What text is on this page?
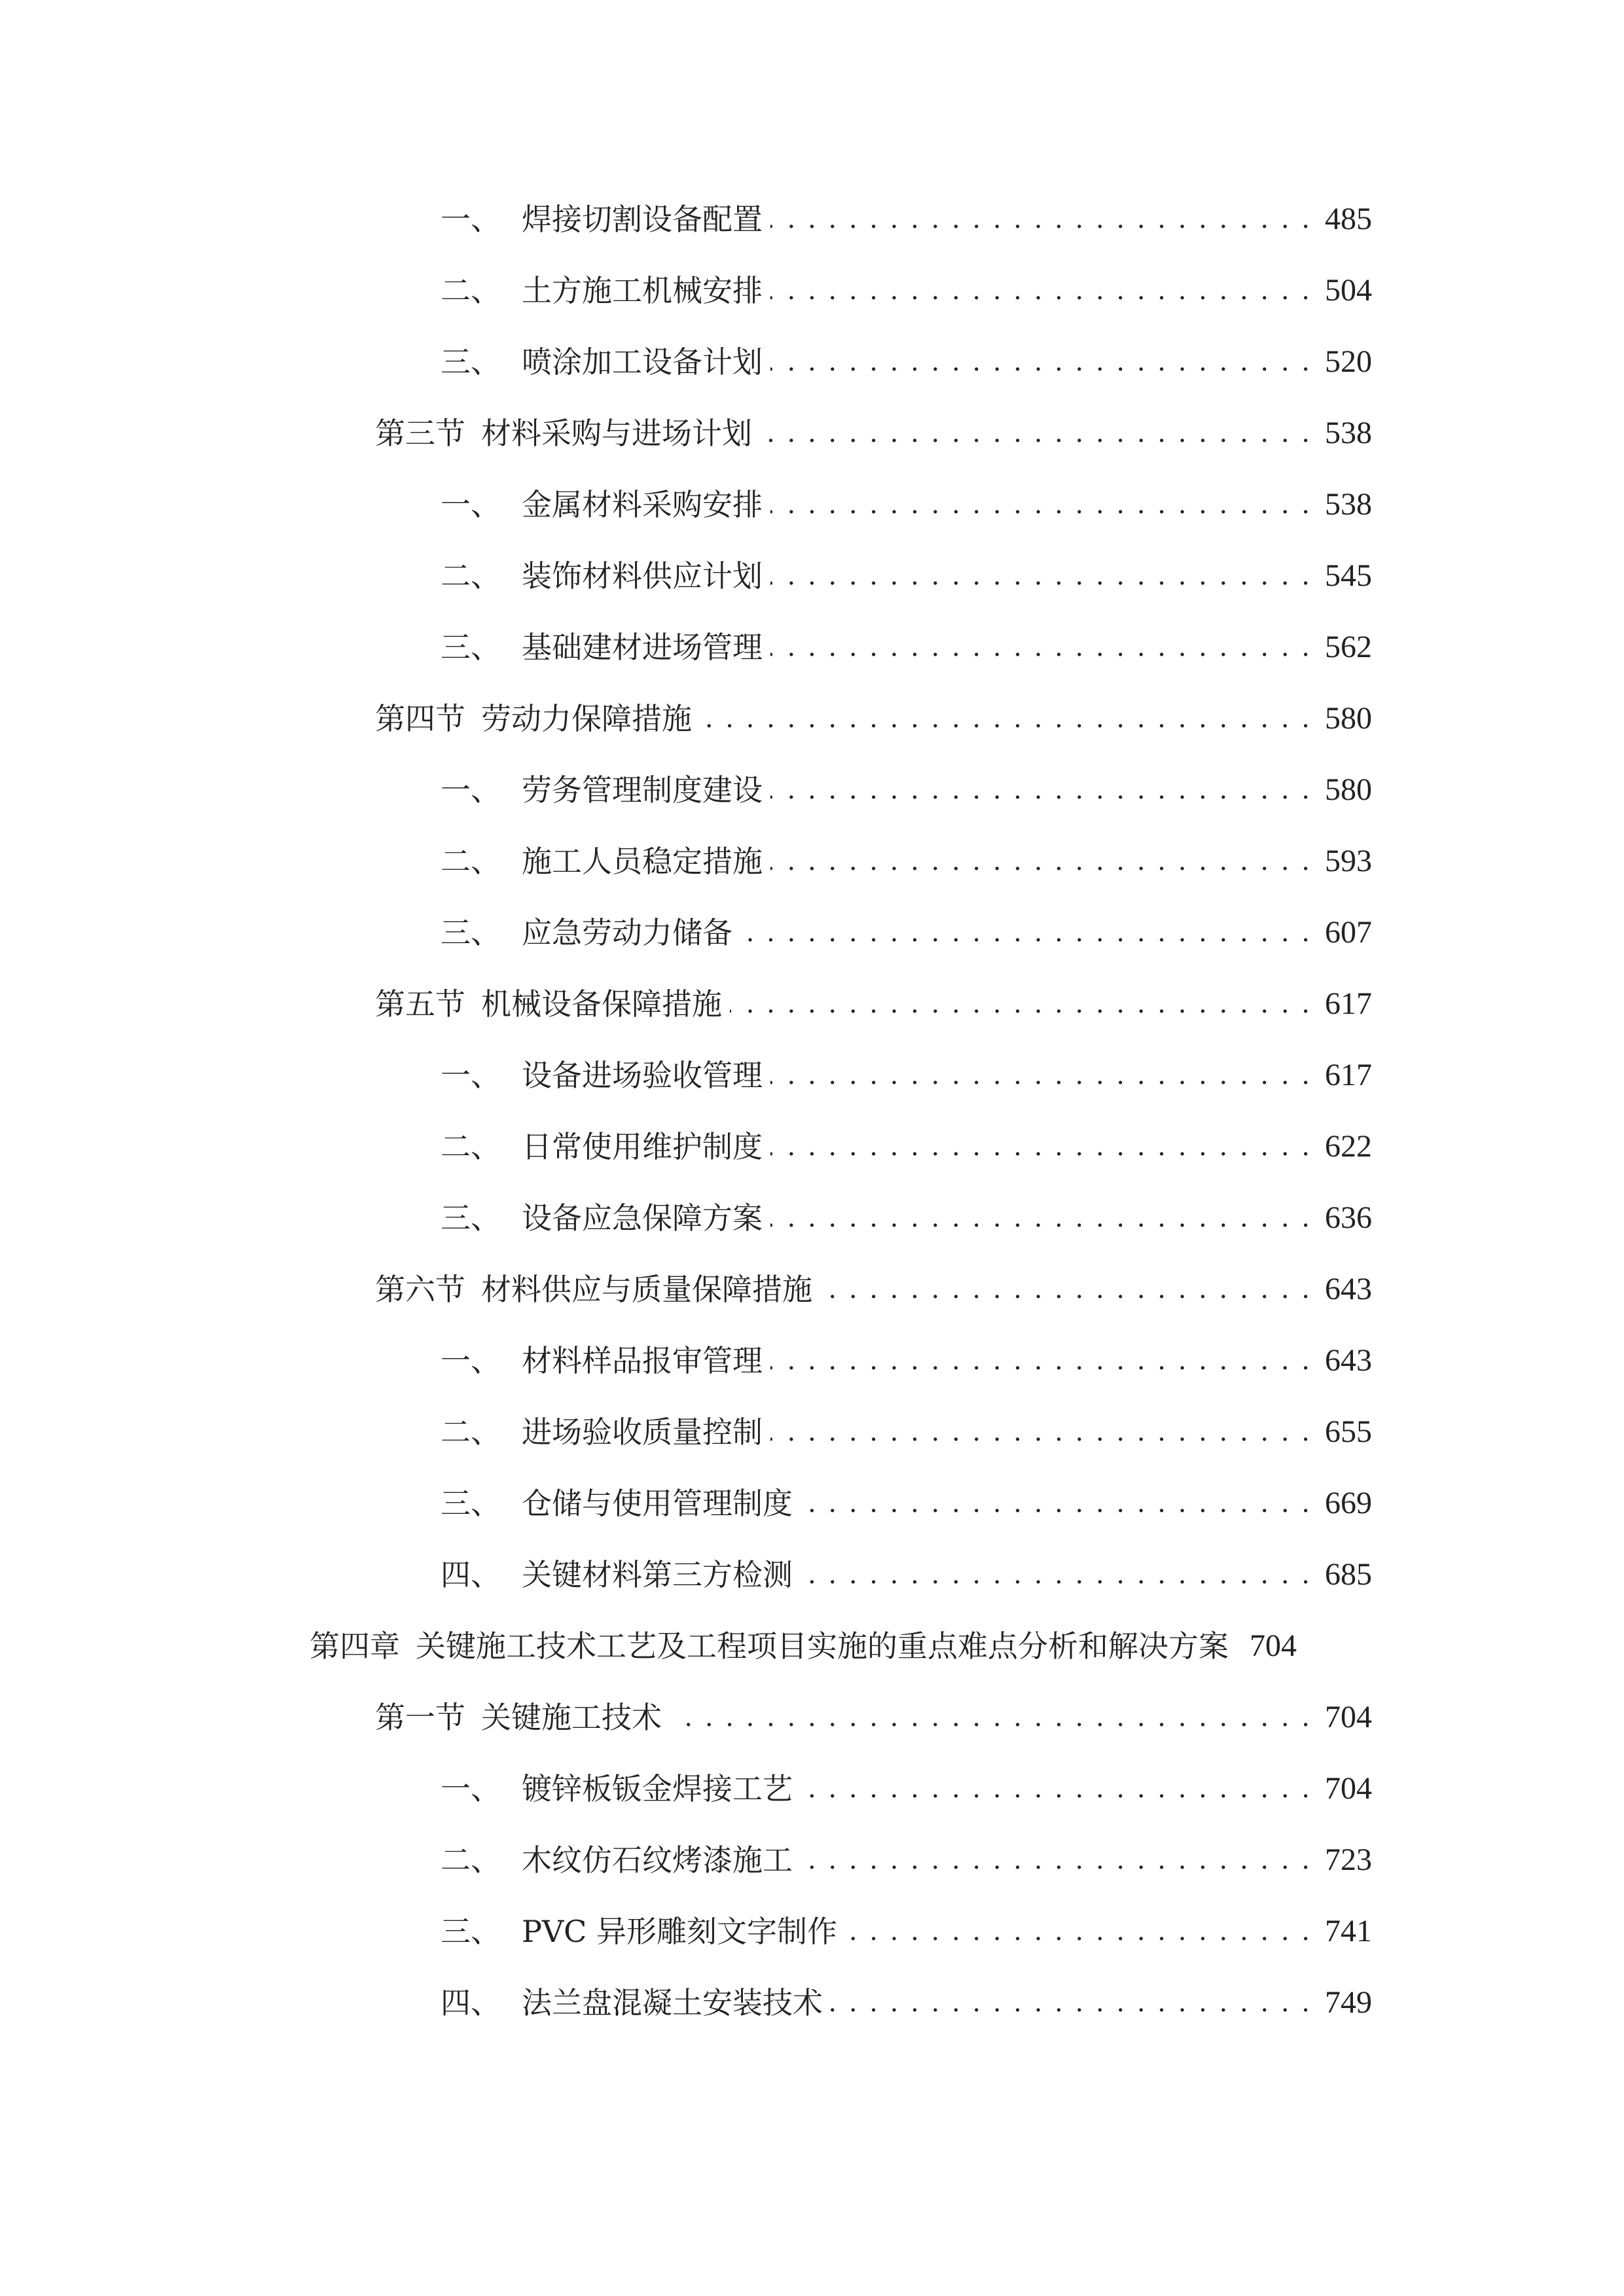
一、 焊接切割设备配置 . . .	485
二、 土方施工机械安排 . . .	504
三、 喷涂加工设备计划 . . .	520
第三节 材料采购与进场计划 . . .	538
一、 金属材料采购安排 . . .	538
二、 装饰材料供应计划 . . .	545
三、 基础建材进场管理 . . .	562
第四节 劳动力保障措施 . . .	580
一、 劳务管理制度建设 . . .	580
二、 施工人员稳定措施 . . .	593
三、 应急劳动力储备 . . .	607
第五节 机械设备保障措施 . . .	617
一、 设备进场验收管理 . . .	617
二、 日常使用维护制度 . . .	622
三、 设备应急保障方案 . . .	636
第六节 材料供应与质量保障措施 . . .	643
一、 材料样品报审管理 . . .	643
二、 进场验收质量控制 . . .	655
三、 仓储与使用管理制度 . . .	669
四、 关键材料第三方检测 . . .	685
第四章 关键施工技术工艺及工程项目实施的重点难点分析和解决方案 704
第一节 关键施工技术 . . .	704
一、 镀锌板钣金焊接工艺 . . .	704
二、 木纹仿石纹烤漆施工 . . .	723
三、 PVC 异形雕刻文字制作 . . .	741
四、 法兰盘混凝土安装技术 . . .	749
